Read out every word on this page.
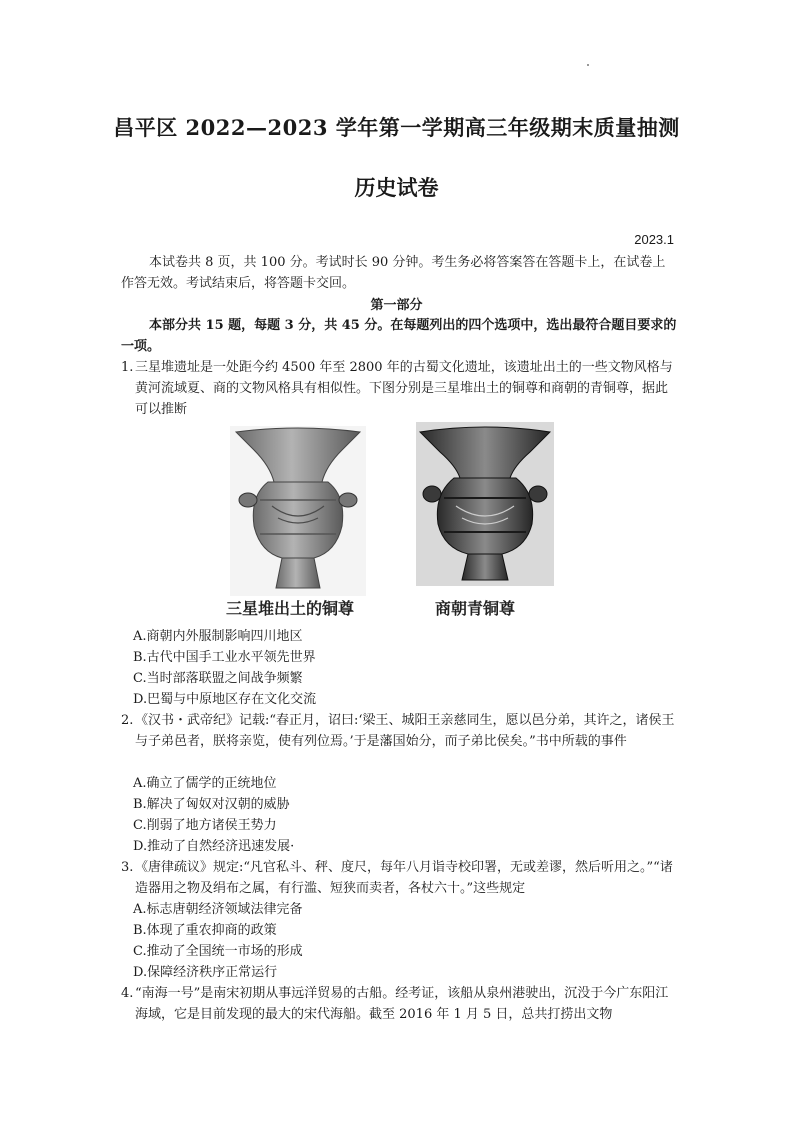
昌平区 2022—2023 学年第一学期高三年级期末质量抽测
历史试卷
2023.1
本试卷共 8 页，共 100 分。考试时长 90 分钟。考生务必将答案答在答题卡上，在试卷上作答无效。考试结束后，将答题卡交回。
第一部分
本部分共 15 题，每题 3 分，共 45 分。在每题列出的四个选项中，选出最符合题目要求的一项。
1. 三星堆遗址是一处距今约 4500 年至 2800 年的古蜀文化遗址，该遗址出土的一些文物风格与黄河流域夏、商的文物风格具有相似性。下图分别是三星堆出土的铜尊和商朝的青铜尊，据此可以推断
三星堆出土的铜尊	商朝青铜尊
A.商朝内外服制影响四川地区
B.古代中国手工业水平领先世界
C.当时部落联盟之间战争频繁
D.巴蜀与中原地区存在文化交流
2. 《汉书・武帝纪》记载:“春正月，诏曰:‘梁王、城阳王亲慈同生，愿以邑分弟，其许之，诸侯王与子弟邑者，朕将亲览，使有列位焉。’于是藩国始分，而子弟比侯矣。”书中所载的事件
A.确立了儒学的正统地位
B.解决了匈奴对汉朝的威胁
C.削弱了地方诸侯王势力
D.推动了自然经济迅速发展·
3. 《唐律疏议》规定:“凡官私斗、秤、度尺，每年八月诣寺校印署，无或差谬，然后听用之。”“诸造器用之物及绢布之属，有行滥、短狭而卖者，各杖六十。”这些规定
A.标志唐朝经济领域法律完备
B.体现了重农抑商的政策
C.推动了全国统一市场的形成
D.保障经济秩序正常运行
4. “南海一号”是南宋初期从事远洋贸易的古船。经考证，该船从泉州港驶出，沉没于今广东阳江海域，它是目前发现的最大的宋代海船。截至 2016 年 1 月 5 日，总共打捞出文物
